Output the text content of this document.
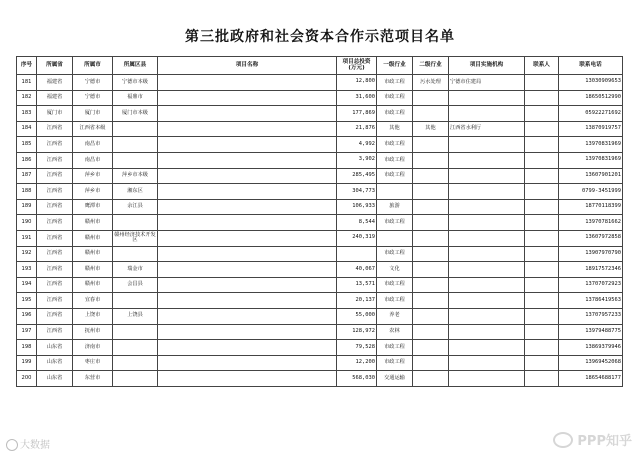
第三批政府和社会资本合作示范项目名单
序号	所属省	所属市	所属区县	项目名称	项目总投资
(万元)	一级行业	二级行业	项目实施机构	联系人	联系电话
181	福建省	宁德市	宁德市本级		12,800	市政工程	污水处理	宁德市住建局		13030909653
182	福建省	宁德市	福鼎市		31,600	市政工程				18650512990
183	厦门市	厦门市	厦门市本级		177,869	市政工程				05922271692
184	江西省	江西省本级			21,876	其他	其他	江西省水利厅		13870919757
185	江西省	南昌市			4,992	市政工程				13970831969
186	江西省	南昌市			3,902	市政工程				13970831969
187	江西省	萍乡市	萍乡市本级		285,495	市政工程				13607901201
188	江西省	萍乡市	湘东区		304,773					0799-3451999
189	江西省	鹰潭市	余江县		106,933	旅游				18770118399
190	江西省	赣州市			8,544	市政工程				13970781662
191	江西省	赣州市	赣州经济技术开发区		240,319					13607972858
192	江西省	赣州市				市政工程				13907970790
193	江西省	赣州市	瑞金市		40,067	文化				18917572346
194	江西省	赣州市	会昌县		13,571	市政工程				13707072923
195	江西省	宜春市			20,137	市政工程				13786419563
196	江西省	上饶市	上饶县		55,000	养老				13707957233
197	江西省	抚州市			128,972	农林				13979488775
198	山东省	济南市			79,528	市政工程				13869379946
199	山东省	枣庄市			12,200	市政工程				13969452068
200	山东省	东营市			568,030	交通运输				18654688177
大数据	PPP知乎
